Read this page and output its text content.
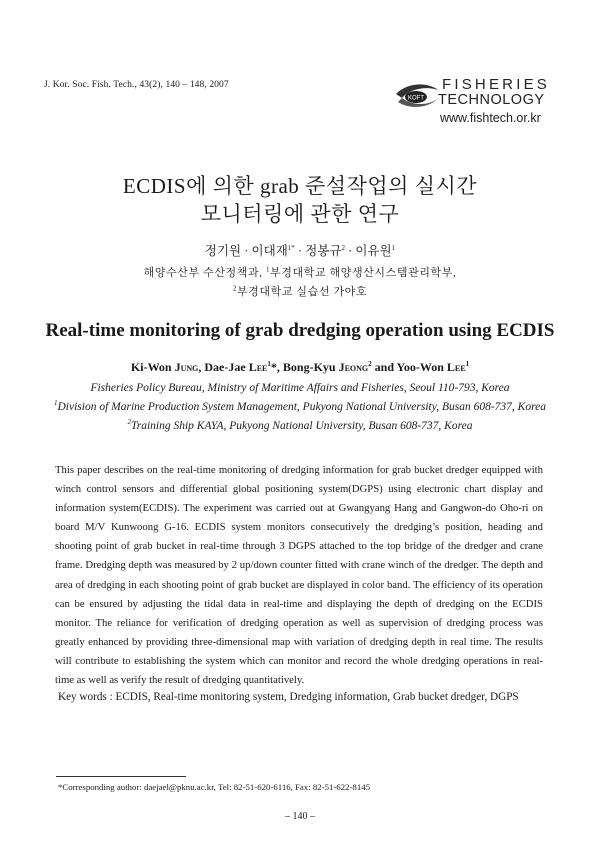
J. Kor. Soc. Fish. Tech., 43(2), 140 – 148, 2007
KOFT
FISHERIES
TECHNOLOGY
www.fishtech.or.kr
ECDIS에 의한 grab 준설작업의 실시간
모니터링에 관한 연구
정기원 · 이대재$^{1*}$ · 정봉규$^2$ · 이유원$^1$
해양수산부 수산정책과, $^1$부경대학교 해양생산시스템관리학부,
$^2$부경대학교 실습선 가야호
Real-time monitoring of grab dredging operation using ECDIS
Ki-Won Jung, Dae-Jae Lee$^1$*, Bong-Kyu Jeong$^2$ and Yoo-Won Lee$^1$
Fisheries Policy Bureau, Ministry of Maritime Affairs and Fisheries, Seoul 110-793, Korea
$^1$Division of Marine Production System Management, Pukyong National University, Busan 608-737, Korea
$^2$Training Ship KAYA, Pukyong National University, Busan 608-737, Korea
This paper describes on the real-time monitoring of dredging information for grab bucket dredger equipped with winch control sensors and differential global positioning system(DGPS) using electronic chart display and information system(ECDIS). The experiment was carried out at Gwangyang Hang and Gangwon-do Oho-ri on board M/V Kunwoong G-16. ECDIS system monitors consecutively the dredging’s position, heading and shooting point of grab bucket in real-time through 3 DGPS attached to the top bridge of the dredger and crane frame. Dredging depth was measured by 2 up/down counter fitted with crane winch of the dredger. The depth and area of dredging in each shooting point of grab bucket are displayed in color band. The efficiency of its operation can be ensured by adjusting the tidal data in real-time and displaying the depth of dredging on the ECDIS monitor. The reliance for verification of dredging operation as well as supervision of dredging process was greatly enhanced by providing three-dimensional map with variation of dredging depth in real time. The results will contribute to establishing the system which can monitor and record the whole dredging operations in real-time as well as verify the result of dredging quantitatively.
Key words : ECDIS, Real-time monitoring system, Dredging information, Grab bucket dredger, DGPS
*Corresponding author: daejael@pknu.ac.kr, Tel: 82-51-620-6116, Fax: 82-51-622-8145
– 140 –
